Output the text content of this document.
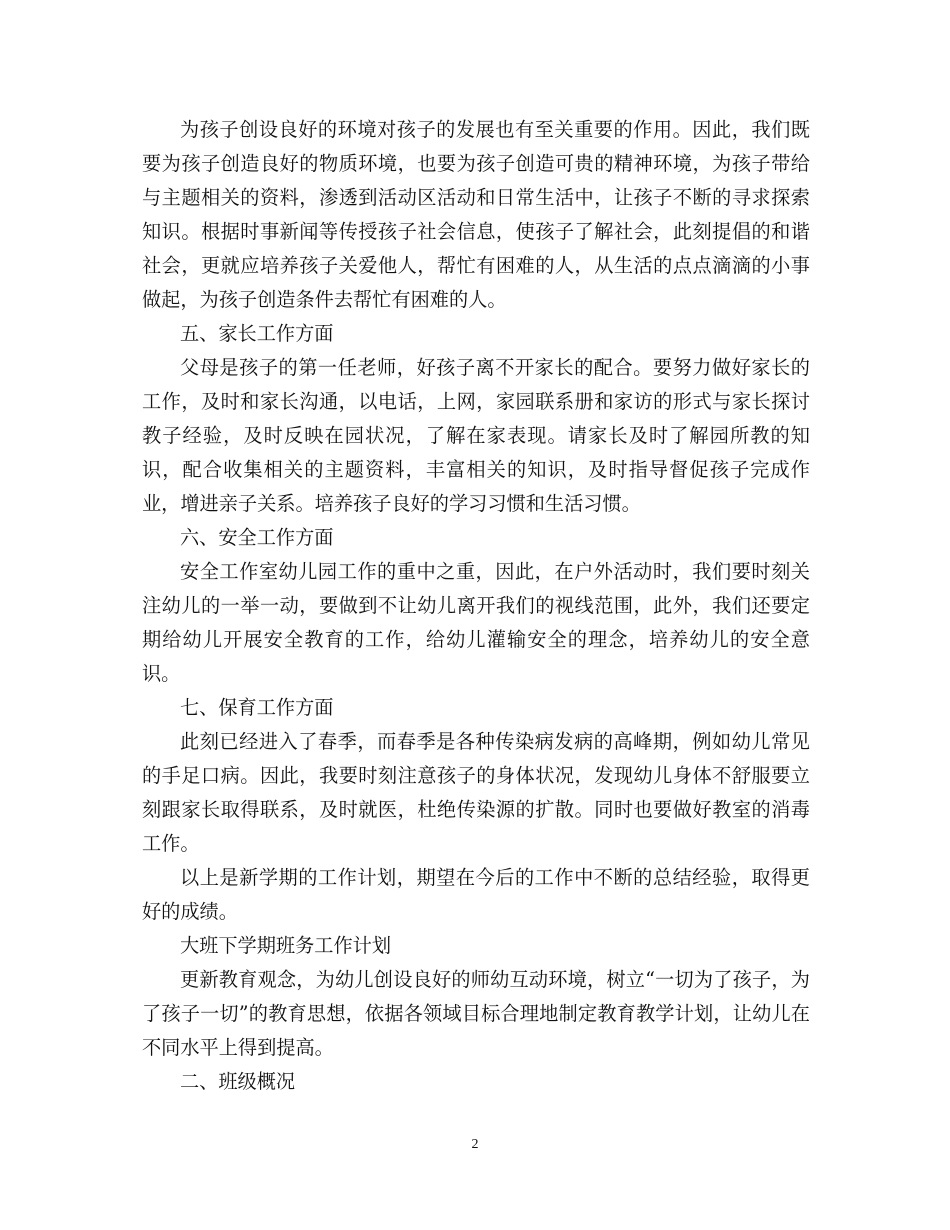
为孩子创设良好的环境对孩子的发展也有至关重要的作用。因此，我们既要为孩子创造良好的物质环境，也要为孩子创造可贵的精神环境，为孩子带给与主题相关的资料，渗透到活动区活动和日常生活中，让孩子不断的寻求探索知识。根据时事新闻等传授孩子社会信息，使孩子了解社会，此刻提倡的和谐社会，更就应培养孩子关爱他人，帮忙有困难的人，从生活的点点滴滴的小事做起，为孩子创造条件去帮忙有困难的人。

五、家长工作方面

父母是孩子的第一任老师，好孩子离不开家长的配合。要努力做好家长的工作，及时和家长沟通，以电话，上网，家园联系册和家访的形式与家长探讨教子经验，及时反映在园状况，了解在家表现。请家长及时了解园所教的知识，配合收集相关的主题资料，丰富相关的知识，及时指导督促孩子完成作业，增进亲子关系。培养孩子良好的学习习惯和生活习惯。

六、安全工作方面

安全工作室幼儿园工作的重中之重，因此，在户外活动时，我们要时刻关注幼儿的一举一动，要做到不让幼儿离开我们的视线范围，此外，我们还要定期给幼儿开展安全教育的工作，给幼儿灌输安全的理念，培养幼儿的安全意识。

七、保育工作方面

此刻已经进入了春季，而春季是各种传染病发病的高峰期，例如幼儿常见的手足口病。因此，我要时刻注意孩子的身体状况，发现幼儿身体不舒服要立刻跟家长取得联系，及时就医，杜绝传染源的扩散。同时也要做好教室的消毒工作。

以上是新学期的工作计划，期望在今后的工作中不断的总结经验，取得更好的成绩。

大班下学期班务工作计划

更新教育观念，为幼儿创设良好的师幼互动环境，树立“一切为了孩子，为了孩子一切”的教育思想，依据各领域目标合理地制定教育教学计划，让幼儿在不同水平上得到提高。

二、班级概况

2
